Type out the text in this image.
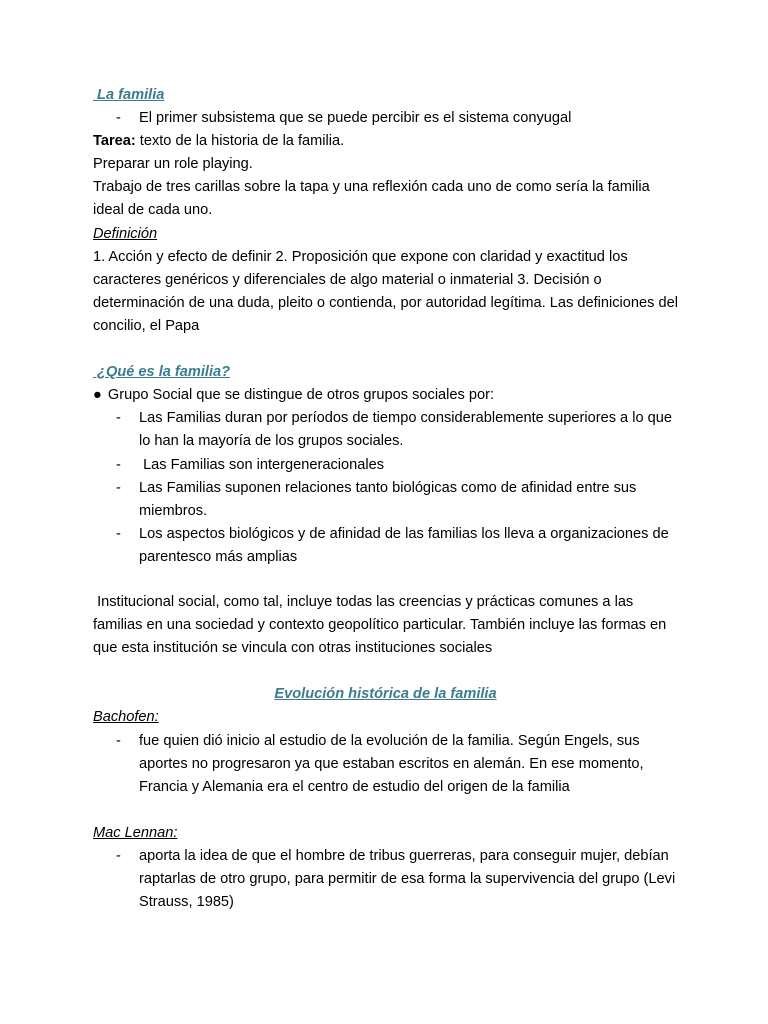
La familia

- El primer subsistema que se puede percibir es el sistema conyugal

Tarea: texto de la historia de la familia.

Preparar un role playing.

Trabajo de tres carillas sobre la tapa y una reflexión cada uno de como sería la familia ideal de cada uno.

Definición

1. Acción y efecto de definir 2. Proposición que expone con claridad y exactitud los caracteres genéricos y diferenciales de algo material o inmaterial 3. Decisión o determinación de una duda, pleito o contienda, por autoridad legítima. Las definiciones del concilio, el Papa

¿Qué es la familia?

● Grupo Social que se distingue de otros grupos sociales por:

- Las Familias duran por períodos de tiempo considerablemente superiores a lo que lo han la mayoría de los grupos sociales.
-  Las Familias son intergeneracionales
- Las Familias suponen relaciones tanto biológicas como de afinidad entre sus miembros.
- Los aspectos biológicos y de afinidad de las familias los lleva a organizaciones de parentesco más amplias

Institucional social, como tal, incluye todas las creencias y prácticas comunes a las familias en una sociedad y contexto geopolítico particular. También incluye las formas en que esta institución se vincula con otras instituciones sociales

Evolución histórica de la familia

Bachofen:

- fue quien dió inicio al estudio de la evolución de la familia. Según Engels, sus aportes no progresaron ya que estaban escritos en alemán. En ese momento, Francia y Alemania era el centro de estudio del origen de la familia

Mac Lennan:

- aporta la idea de que el hombre de tribus guerreras, para conseguir mujer, debían raptarlas de otro grupo, para permitir de esa forma la supervivencia del grupo (Levi Strauss, 1985)
